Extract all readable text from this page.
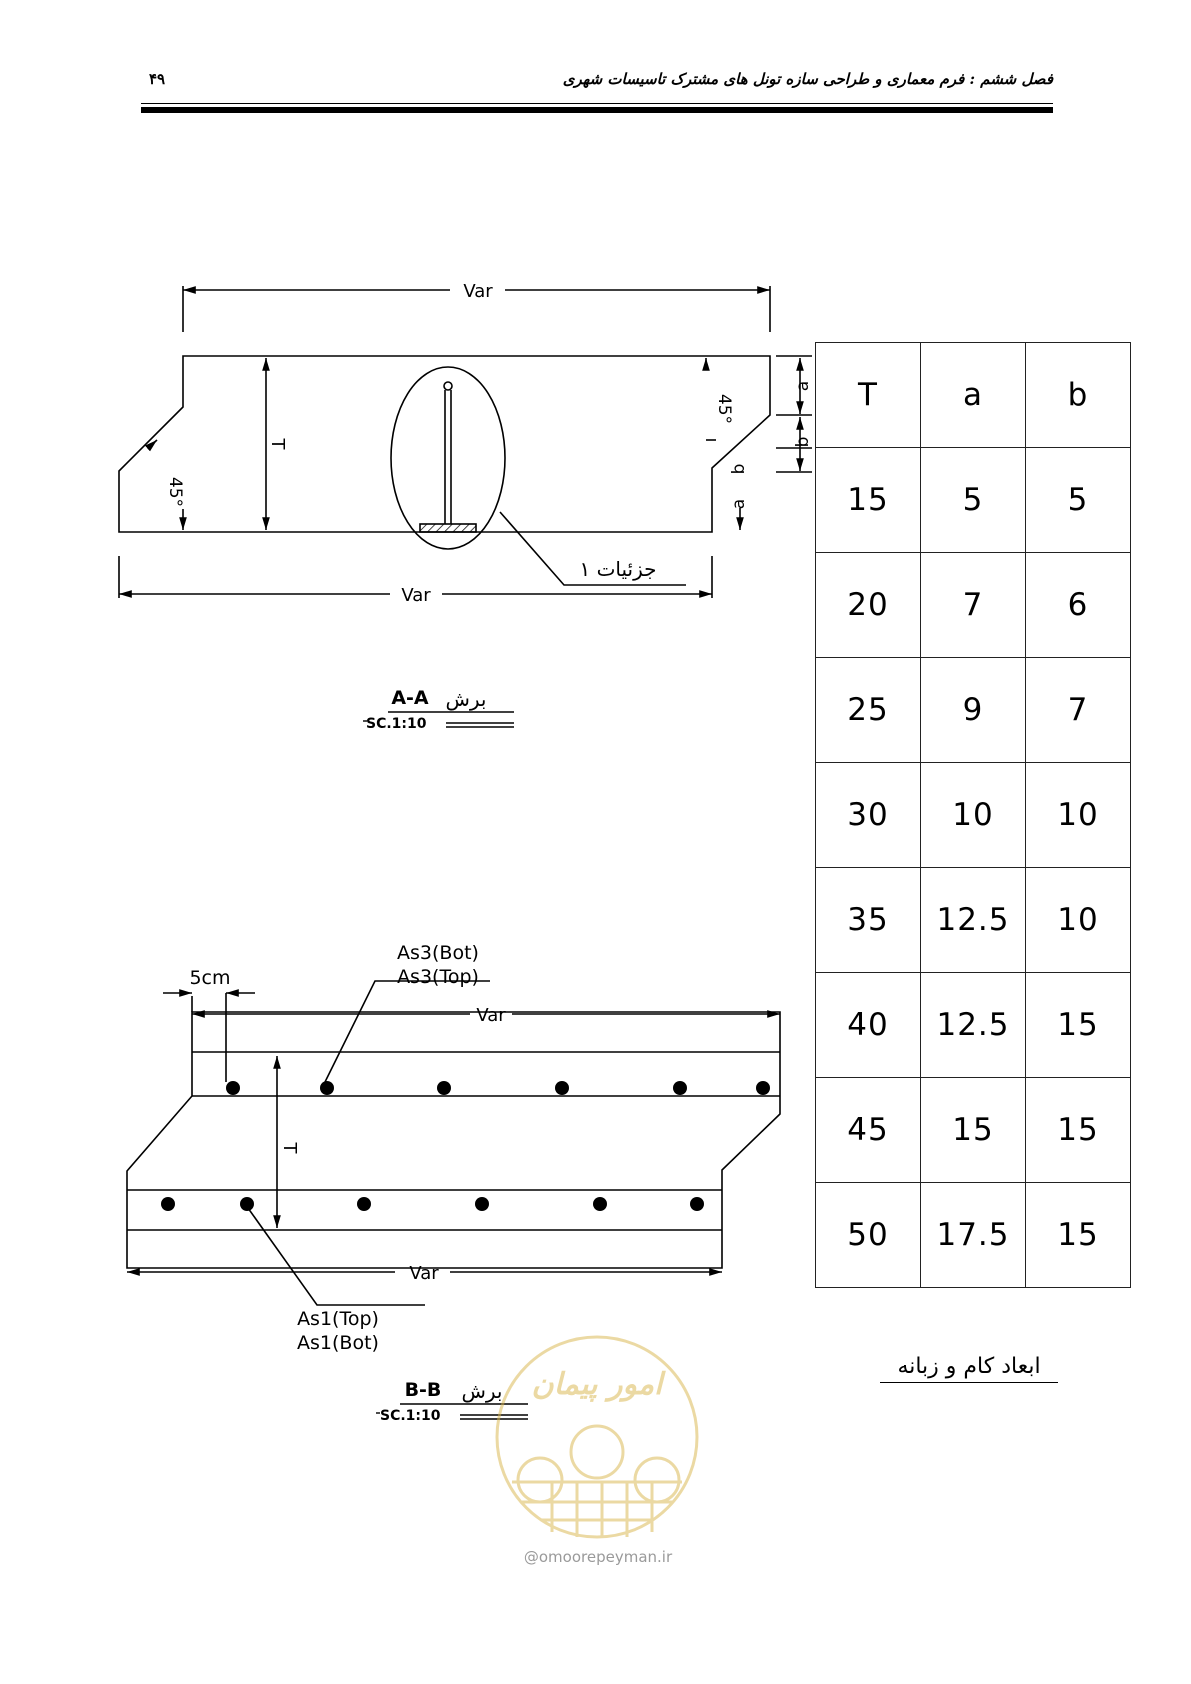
فصل ششم : فرم معماری و طراحی سازه تونل های مشترک تاسیسات شهری
۴۹
Var
Var
T
45°
45°
a
b
b
a
جزئیات ۱
برش
A-A
SC.1:10
5cm
As3(Bot)
As3(Top)
Var
T
Var
As1(Top)
As1(Bot)
برش
B-B
SC.1:10
T	a	b
15	5	5
20	7	6
25	9	7
30	10	10
35	12.5	10
40	12.5	15
45	15	15
50	17.5	15
ابعاد کام و زبانه
امور پیمان
@omoorepeyman.ir
